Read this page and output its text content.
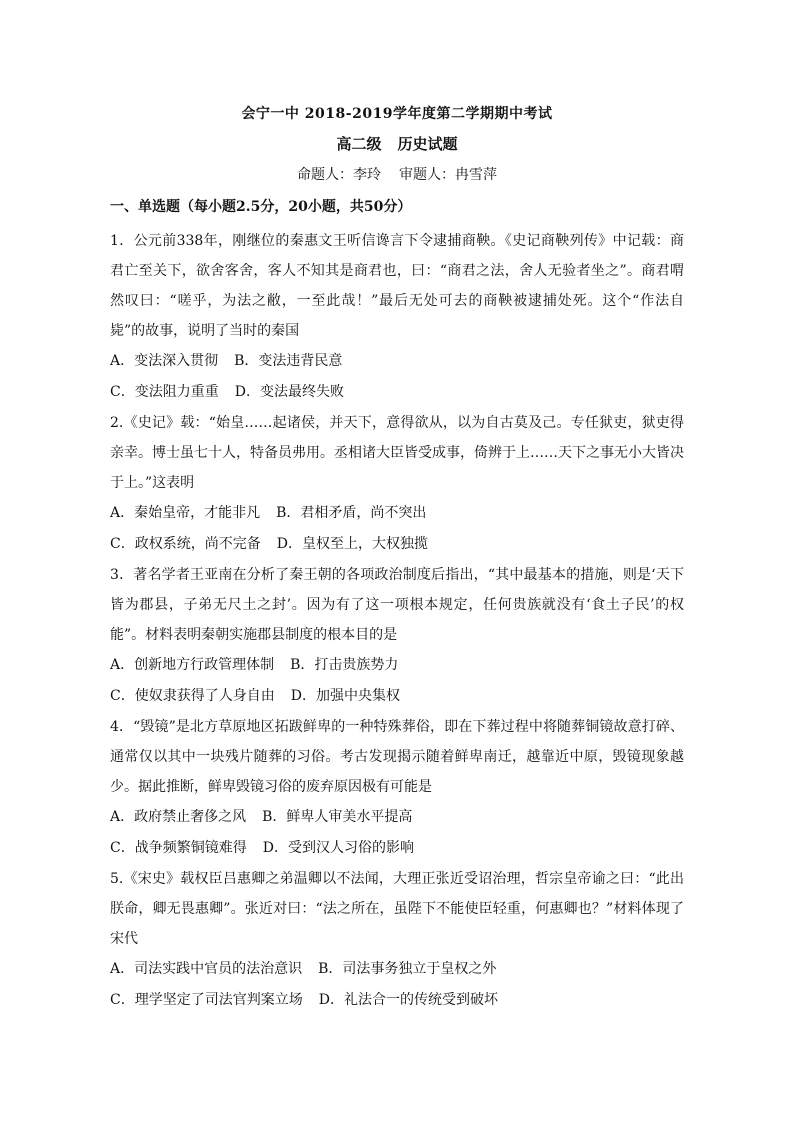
会宁一中 2018-2019学年度第二学期期中考试
高二级 历史试题
命题人：李玲 审题人：冉雪萍
一、单选题（每小题2.5分，20小题，共50分）

1．公元前338年，刚继位的秦惠文王听信谗言下令逮捕商鞅。《史记商鞅列传》中记载：商君亡至关下，欲舍客舍，客人不知其是商君也，曰：“商君之法，舍人无验者坐之”。商君喟然叹曰：“嗟乎，为法之敝，一至此哉！”最后无处可去的商鞅被逮捕处死。这个“作法自毙”的故事，说明了当时的秦国

A．变法深入贯彻 B．变法违背民意

C．变法阻力重重 D．变法最终失败

2.《史记》载：“始皇……起诸侯，并天下，意得欲从，以为自古莫及己。专任狱吏，狱吏得亲幸。博士虽七十人，特备员弗用。丞相诸大臣皆受成事，倚辨于上……天下之事无小大皆决于上。”这表明

A．秦始皇帝，才能非凡 B．君相矛盾，尚不突出

C．政权系统，尚不完备 D．皇权至上，大权独揽

3．著名学者王亚南在分析了秦王朝的各项政治制度后指出，“其中最基本的措施，则是‘天下皆为郡县，子弟无尺土之封’。因为有了这一项根本规定，任何贵族就没有‘食土子民’的权能”。材料表明秦朝实施郡县制度的根本目的是

A．创新地方行政管理体制 B．打击贵族势力

C．使奴隶获得了人身自由 D．加强中央集权

4．“毁镜”是北方草原地区拓跋鲜卑的一种特殊葬俗，即在下葬过程中将随葬铜镜故意打碎、通常仅以其中一块残片随葬的习俗。考古发现揭示随着鲜卑南迁，越靠近中原，毁镜现象越少。据此推断，鲜卑毁镜习俗的废弃原因极有可能是

A．政府禁止奢侈之风 B．鲜卑人审美水平提高

C．战争频繁铜镜难得 D．受到汉人习俗的影响

5.《宋史》载权臣吕惠卿之弟温卿以不法闻，大理正张近受诏治理，哲宗皇帝谕之曰：“此出朕命，卿无畏惠卿”。张近对曰：“法之所在，虽陛下不能使臣轻重，何惠卿也？”材料体现了宋代

A．司法实践中官员的法治意识 B．司法事务独立于皇权之外

C．理学坚定了司法官判案立场 D．礼法合一的传统受到破坏
